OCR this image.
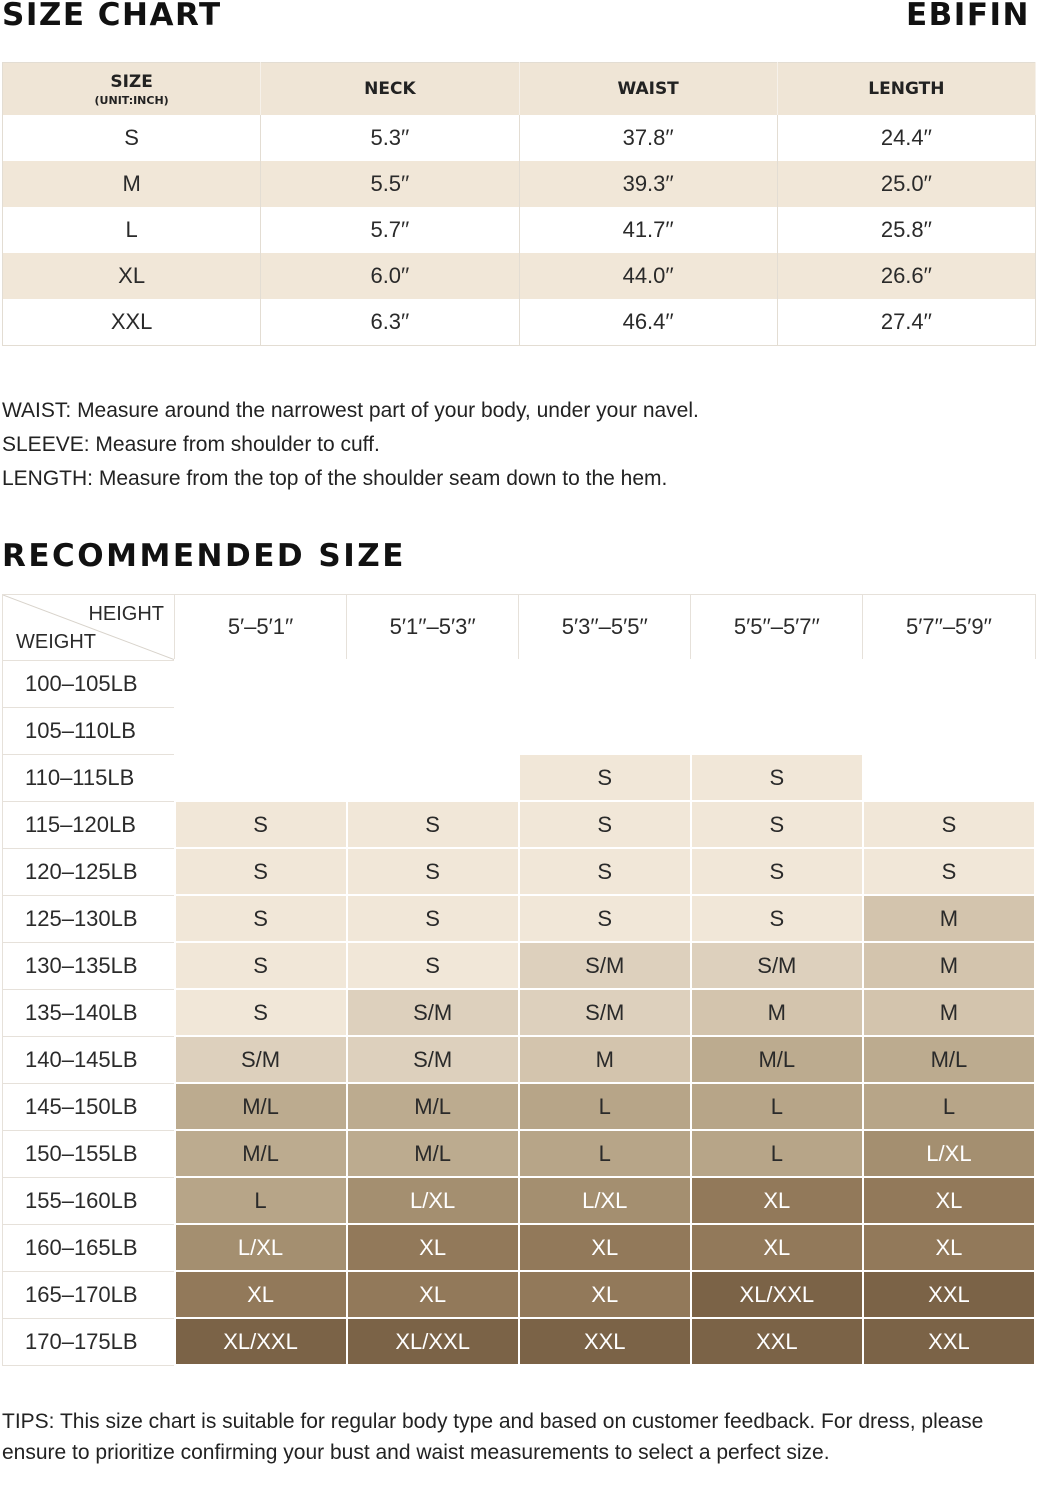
SIZE CHART	EBIFIN
SIZE
(UNIT:INCH)	NECK	WAIST	LENGTH
S	5.3′′	37.8′′	24.4′′
M	5.5′′	39.3′′	25.0′′
L	5.7′′	41.7′′	25.8′′
XL	6.0′′	44.0′′	26.6′′
XXL	6.3′′	46.4′′	27.4′′
WAIST: Measure around the narrowest part of your body, under your navel.
SLEEVE: Measure from shoulder to cuff.
LENGTH: Measure from the top of the shoulder seam down to the hem.
RECOMMENDED SIZE
HEIGHT
WEIGHT	5′–5′1′′	5′1′′–5′3′′	5′3′′–5′5′′	5′5′′–5′7′′	5′7′′–5′9′′
100–105LB					
105–110LB					
110–115LB			S	S	
115–120LB	S	S	S	S	S
120–125LB	S	S	S	S	S
125–130LB	S	S	S	S	M
130–135LB	S	S	S/M	S/M	M
135–140LB	S	S/M	S/M	M	M
140–145LB	S/M	S/M	M	M/L	M/L
145–150LB	M/L	M/L	L	L	L
150–155LB	M/L	M/L	L	L	L/XL
155–160LB	L	L/XL	L/XL	XL	XL
160–165LB	L/XL	XL	XL	XL	XL
165–170LB	XL	XL	XL	XL/XXL	XXL
170–175LB	XL/XXL	XL/XXL	XXL	XXL	XXL
TIPS: This size chart is suitable for regular body type and based on customer feedback. For dress, please ensure to prioritize confirming your bust and waist measurements to select a perfect size.
